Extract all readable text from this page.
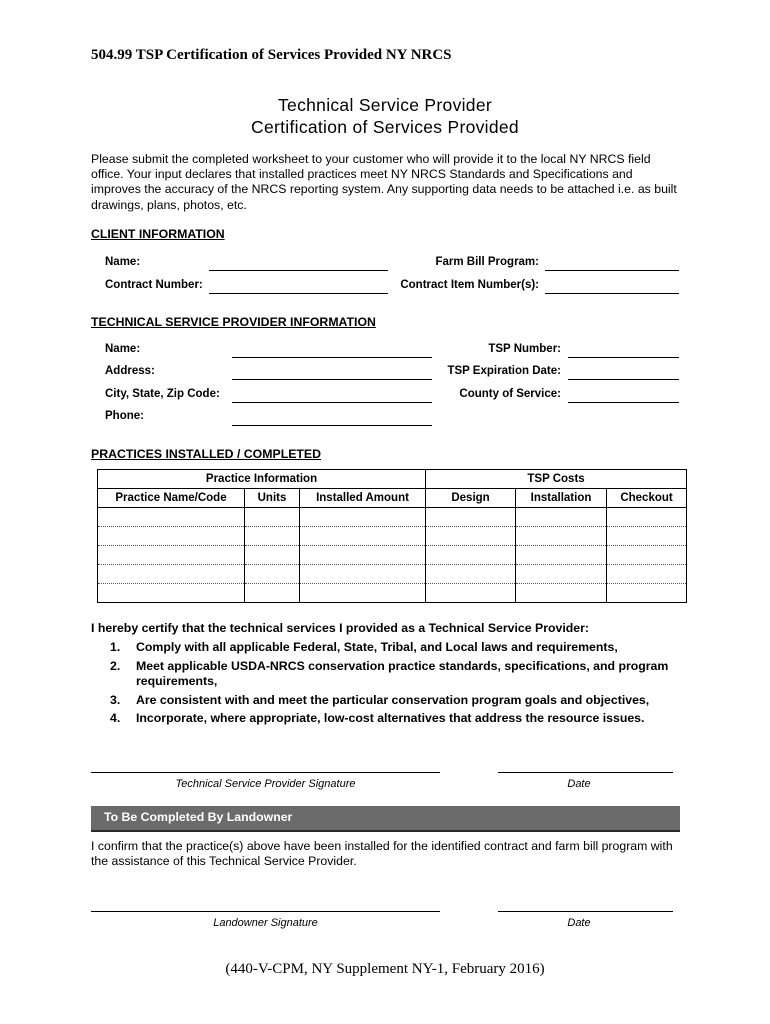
504.99 TSP Certification of Services Provided NY NRCS
Technical Service Provider
Certification of Services Provided
Please submit the completed worksheet to your customer who will provide it to the local NY NRCS field office. Your input declares that installed practices meet NY NRCS Standards and Specifications and improves the accuracy of the NRCS reporting system. Any supporting data needs to be attached i.e. as built drawings, plans, photos, etc.
CLIENT INFORMATION
Name:	Farm Bill Program:
Contract Number:	Contract Item Number(s):
TECHNICAL SERVICE PROVIDER INFORMATION
Name:	TSP Number:
Address:	TSP Expiration Date:
City, State, Zip Code:	County of Service:
Phone:
PRACTICES INSTALLED / COMPLETED
Practice Information			TSP Costs		
Practice Name/Code	Units	Installed Amount	Design	Installation	Checkout

I hereby certify that the technical services I provided as a Technical Service Provider:
1. Comply with all applicable Federal, State, Tribal, and Local laws and requirements,
2. Meet applicable USDA-NRCS conservation practice standards, specifications, and program requirements,
3. Are consistent with and meet the particular conservation program goals and objectives,
4. Incorporate, where appropriate, low-cost alternatives that address the resource issues.
Technical Service Provider Signature	Date
To Be Completed By Landowner
I confirm that the practice(s) above have been installed for the identified contract and farm bill program with the assistance of this Technical Service Provider.
Landowner Signature	Date
(440-V-CPM, NY Supplement NY-1, February 2016)
